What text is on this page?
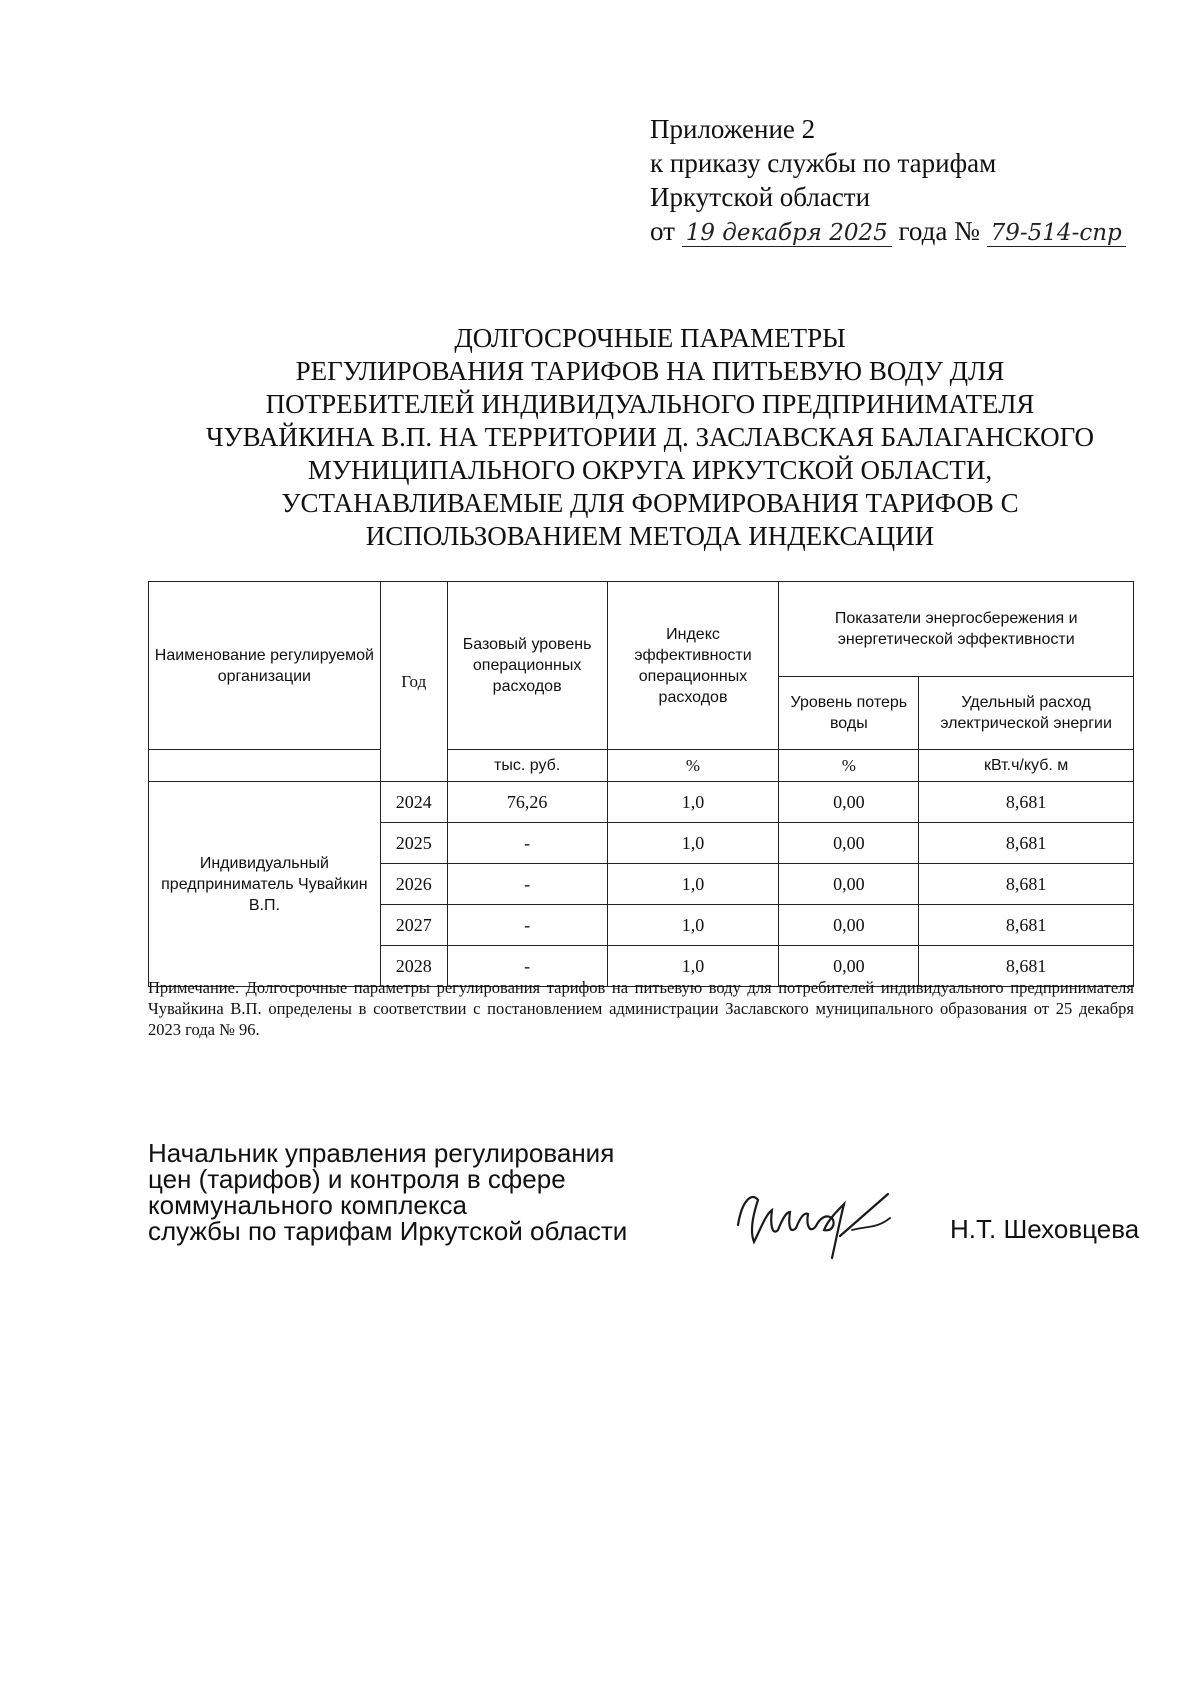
Приложение 2
к приказу службы по тарифам
Иркутской области
от 19 декабря 2025 года № 79-514-спр
ДОЛГОСРОЧНЫЕ ПАРАМЕТРЫ
РЕГУЛИРОВАНИЯ ТАРИФОВ НА ПИТЬЕВУЮ ВОДУ ДЛЯ
ПОТРЕБИТЕЛЕЙ ИНДИВИДУАЛЬНОГО ПРЕДПРИНИМАТЕЛЯ
ЧУВАЙКИНА В.П. НА ТЕРРИТОРИИ Д. ЗАСЛАВСКАЯ БАЛАГАНСКОГО
МУНИЦИПАЛЬНОГО ОКРУГА ИРКУТСКОЙ ОБЛАСТИ,
УСТАНАВЛИВАЕМЫЕ ДЛЯ ФОРМИРОВАНИЯ ТАРИФОВ С
ИСПОЛЬЗОВАНИЕМ МЕТОДА ИНДЕКСАЦИИ
Наименование регулируемой организации	Год	Базовый уровень операционных расходов	Индекс эффективности операционных расходов	Показатели энергосбережения и энергетической эффективности	
				Уровень потерь воды	Удельный расход электрической энергии
		тыс. руб.	%	%	кВт.ч/куб. м
Индивидуальный предприниматель Чувайкин В.П.	2024	76,26	1,0	0,00	8,681
	2025	-	1,0	0,00	8,681
	2026	-	1,0	0,00	8,681
	2027	-	1,0	0,00	8,681
	2028	-	1,0	0,00	8,681
Примечание. Долгосрочные параметры регулирования тарифов на питьевую воду для потребителей индивидуального предпринимателя Чувайкина В.П. определены в соответствии с постановлением администрации Заславского муниципального образования от 25 декабря 2023 года № 96.
Начальник управления регулирования
цен (тарифов) и контроля в сфере
коммунального комплекса
службы по тарифам Иркутской области	Н.Т. Шеховцева
